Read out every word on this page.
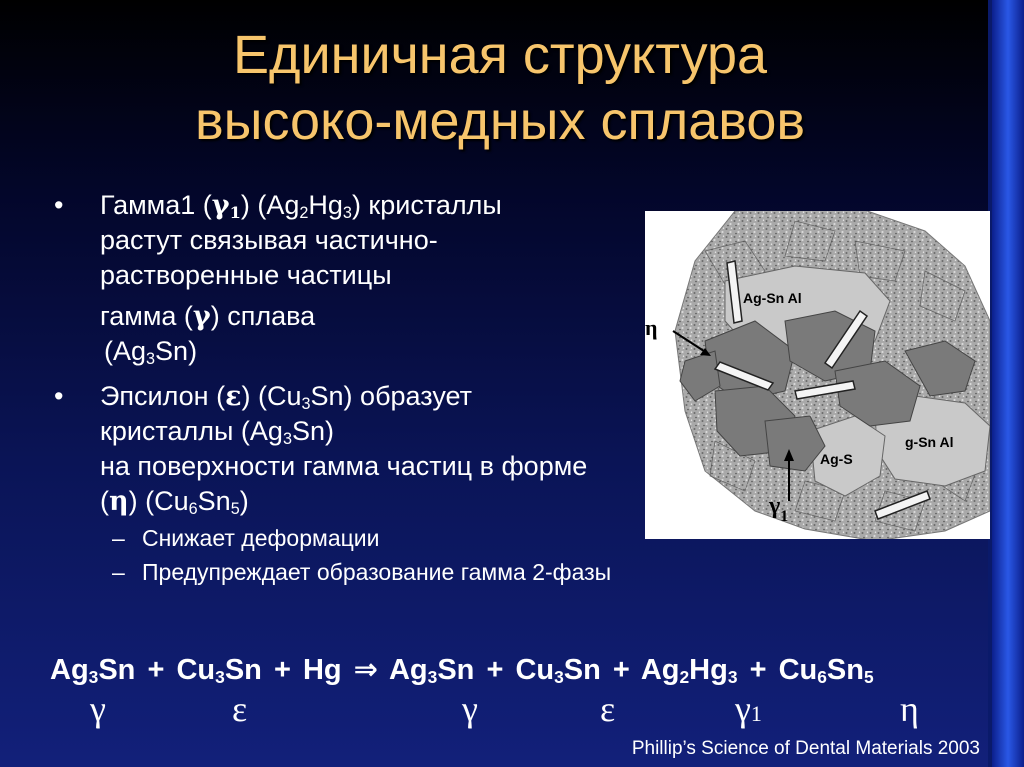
Единичная структура
высоко-медных сплавов
• Гамма1 $(\gamma_1)$ $(Ag_2Hg_3)$ кристаллы
растут связывая частично-
растворенные частицы
гамма (γ) сплава
$(Ag_3Sn)$
• Эпсилон (ε) $(Cu_3Sn)$ образует
кристаллы $(Ag_3Sn)$
на поверхности гамма частиц в форме
(η) $(Cu_6Sn_5)$
– Снижает деформации
– Предупреждает образование гамма 2-фазы
η
$\gamma_1$
Ag-Sn Al
g-Sn Al
Ag-S
$Ag_3Sn + Cu_3Sn + Hg$ ⇒ $Ag_3Sn + Cu_3Sn + Ag_2Hg_3 + Cu_6Sn_5$
γ	ε	γ	ε	γ1	η
Phillip’s Science of Dental Materials 2003
